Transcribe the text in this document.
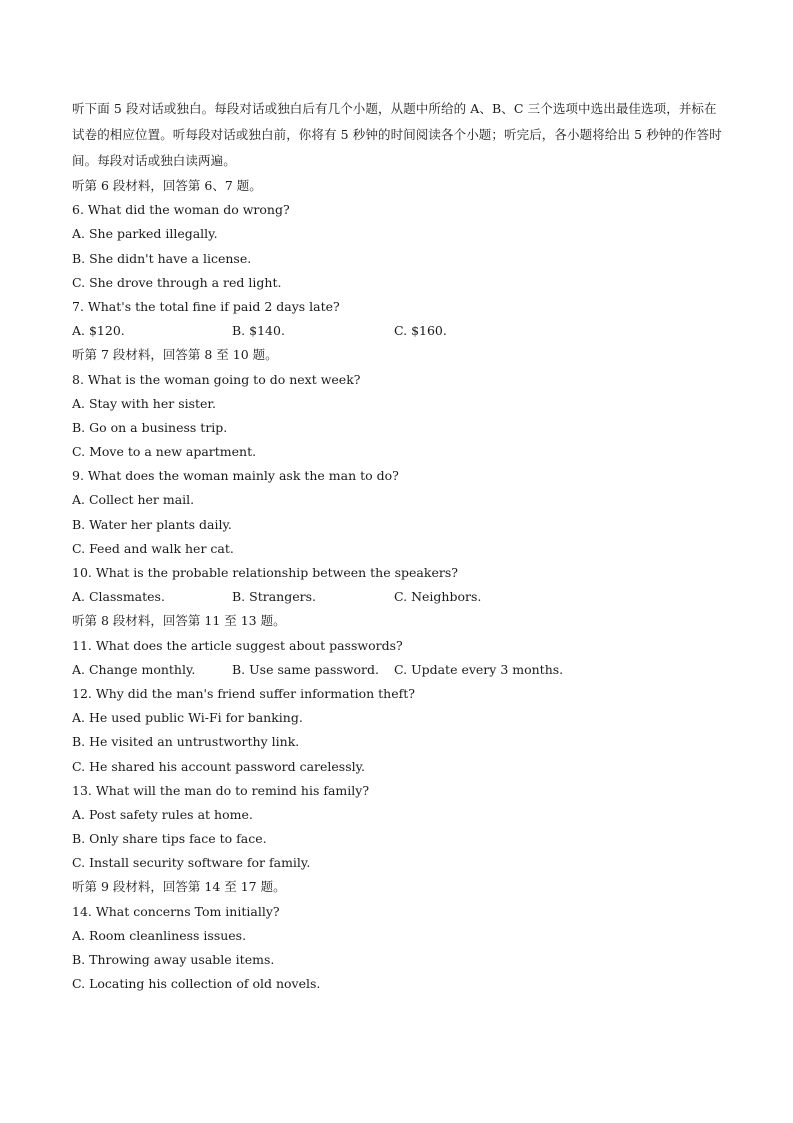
听下面 5 段对话或独白。每段对话或独白后有几个小题，从题中所给的 A、B、C 三个选项中选出最佳选项，并标在试卷的相应位置。听每段对话或独白前，你将有 5 秒钟的时间阅读各个小题；听完后，各小题将给出 5 秒钟的作答时间。每段对话或独白读两遍。
听第 6 段材料，回答第 6、7 题。
6. What did the woman do wrong?
A. She parked illegally.
B. She didn't have a license.
C. She drove through a red light.
7. What's the total fine if paid 2 days late?
A. $120.	B. $140.	C. $160.
听第 7 段材料，回答第 8 至 10 题。
8. What is the woman going to do next week?
A. Stay with her sister.
B. Go on a business trip.
C. Move to a new apartment.
9. What does the woman mainly ask the man to do?
A. Collect her mail.
B. Water her plants daily.
C. Feed and walk her cat.
10. What is the probable relationship between the speakers?
A. Classmates.	B. Strangers.	C. Neighbors.
听第 8 段材料，回答第 11 至 13 题。
11. What does the article suggest about passwords?
A. Change monthly.	B. Use same password.	C. Update every 3 months.
12. Why did the man's friend suffer information theft?
A. He used public Wi-Fi for banking.
B. He visited an untrustworthy link.
C. He shared his account password carelessly.
13. What will the man do to remind his family?
A. Post safety rules at home.
B. Only share tips face to face.
C. Install security software for family.
听第 9 段材料，回答第 14 至 17 题。
14. What concerns Tom initially?
A. Room cleanliness issues.
B. Throwing away usable items.
C. Locating his collection of old novels.
